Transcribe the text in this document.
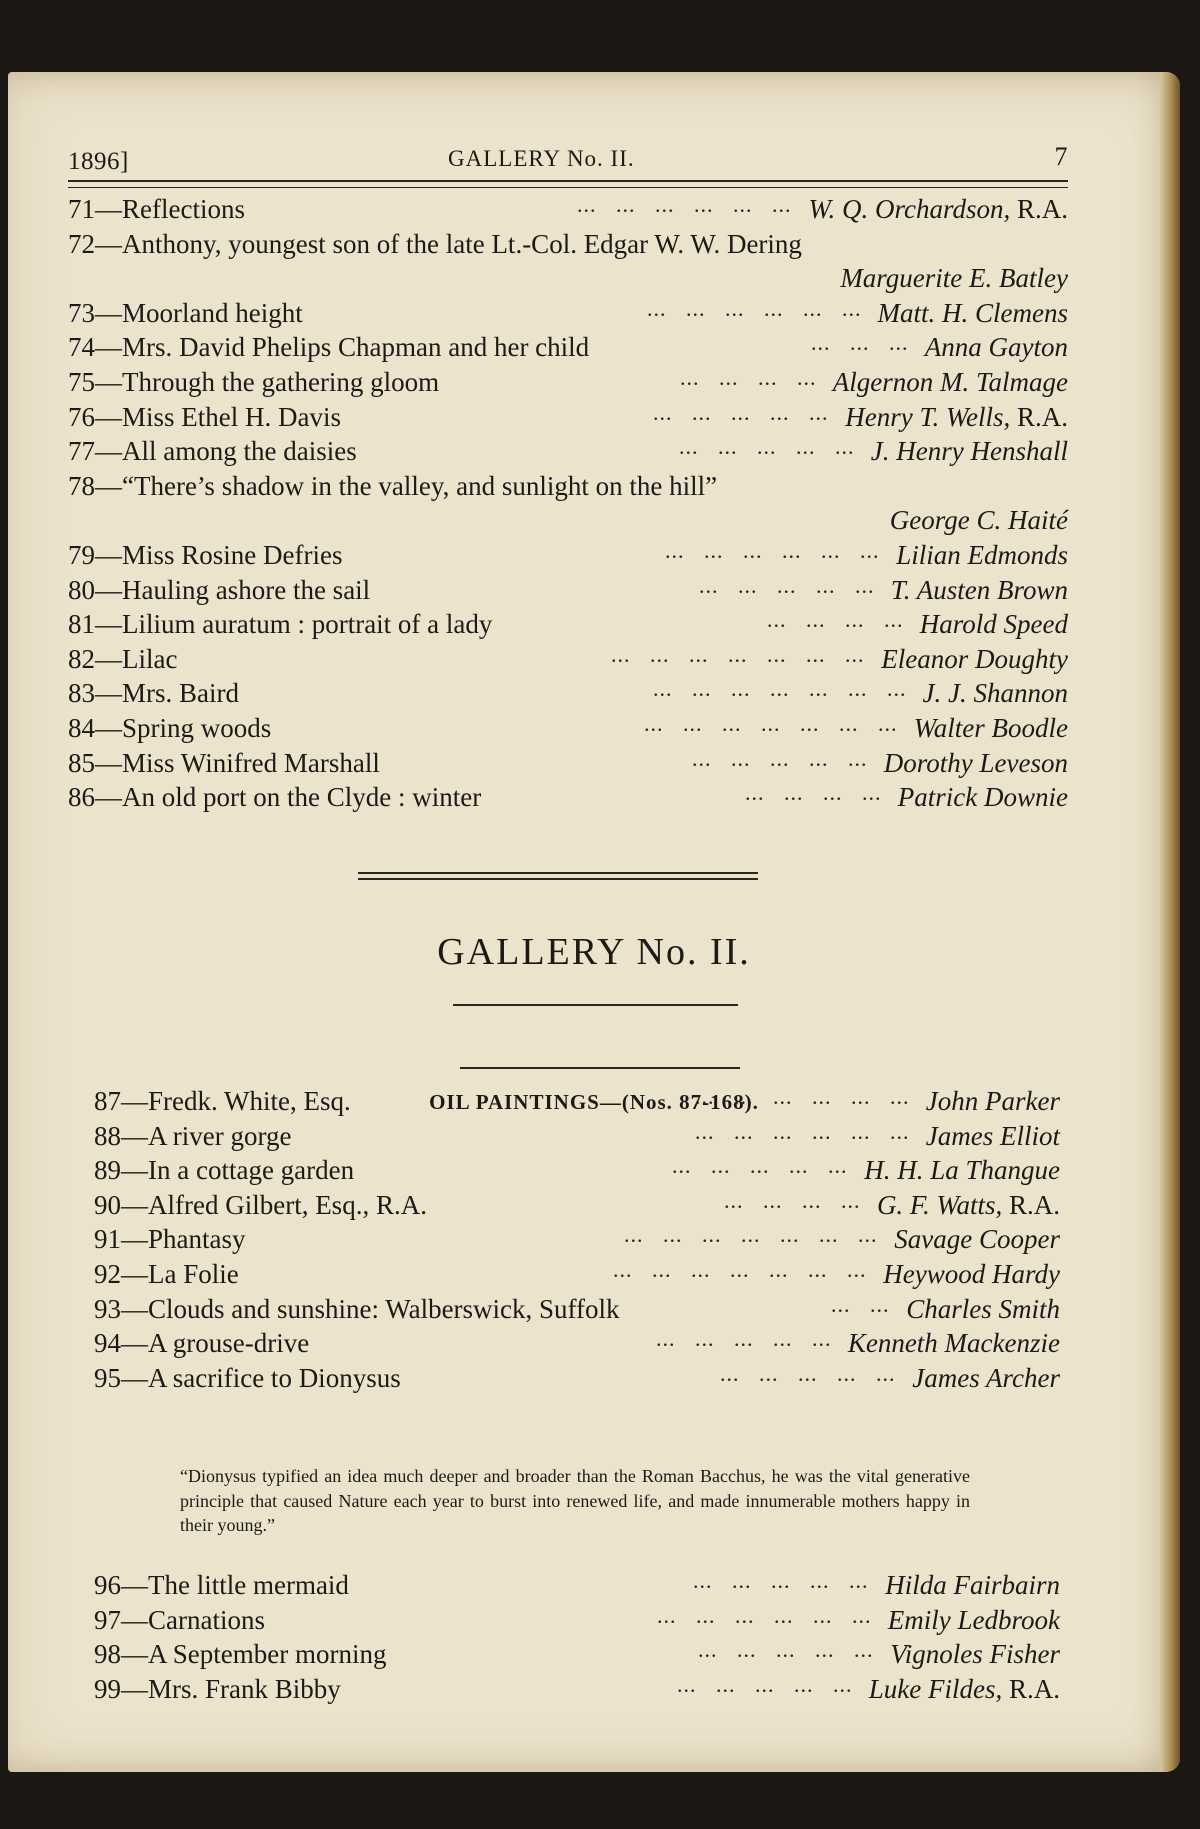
1896]	GALLERY No. II.	7
71—Reflections	W. Q. Orchardson, R.A.
...   ...   ...   ...   ...   ...
72—Anthony, youngest son of the late Lt.-Col. Edgar W. W. Dering
Marguerite E. Batley
73—Moorland height	Matt. H. Clemens
...   ...   ...   ...   ...   ...
74—Mrs. David Phelips Chapman and her child	Anna Gayton
...   ...   ...
75—Through the gathering gloom	Algernon M. Talmage
...   ...   ...   ...
76—Miss Ethel H. Davis	Henry T. Wells, R.A.
...   ...   ...   ...   ...
77—All among the daisies	J. Henry Henshall
...   ...   ...   ...   ...
78—“There’s shadow in the valley, and sunlight on the hill”
George C. Haité
79—Miss Rosine Defries	Lilian Edmonds
...   ...   ...   ...   ...   ...
80—Hauling ashore the sail	T. Austen Brown
...   ...   ...   ...   ...
81—Lilium auratum : portrait of a lady	Harold Speed
...   ...   ...   ...
82—Lilac	Eleanor Doughty
...   ...   ...   ...   ...   ...   ...
83—Mrs. Baird	J. J. Shannon
...   ...   ...   ...   ...   ...   ...
84—Spring woods	Walter Boodle
...   ...   ...   ...   ...   ...   ...
85—Miss Winifred Marshall	Dorothy Leveson
...   ...   ...   ...   ...
86—An old port on the Clyde : winter	Patrick Downie
...   ...   ...   ...
GALLERY No. II.
OIL PAINTINGS—(Nos. 87-168).
87—Fredk. White, Esq.	John Parker
...   ...   ...   ...   ...   ...
88—A river gorge	James Elliot
...   ...   ...   ...   ...   ...
89—In a cottage garden	H. H. La Thangue
...   ...   ...   ...   ...
90—Alfred Gilbert, Esq., R.A.	G. F. Watts, R.A.
...   ...   ...   ...
91—Phantasy	Savage Cooper
...   ...   ...   ...   ...   ...   ...
92—La Folie	Heywood Hardy
...   ...   ...   ...   ...   ...   ...
93—Clouds and sunshine: Walberswick, Suffolk	Charles Smith
...   ...
94—A grouse-drive	Kenneth Mackenzie
...   ...   ...   ...   ...
95—A sacrifice to Dionysus	James Archer
...   ...   ...   ...   ...
“Dionysus typified an idea much deeper and broader than the Roman Bacchus, he was the vital generative principle that caused Nature each year to burst into renewed life, and made innumerable mothers happy in their young.”
96—The little mermaid	Hilda Fairbairn
...   ...   ...   ...   ...
97—Carnations	Emily Ledbrook
...   ...   ...   ...   ...   ...
98—A September morning	Vignoles Fisher
...   ...   ...   ...   ...
99—Mrs. Frank Bibby	Luke Fildes, R.A.
...   ...   ...   ...   ...
